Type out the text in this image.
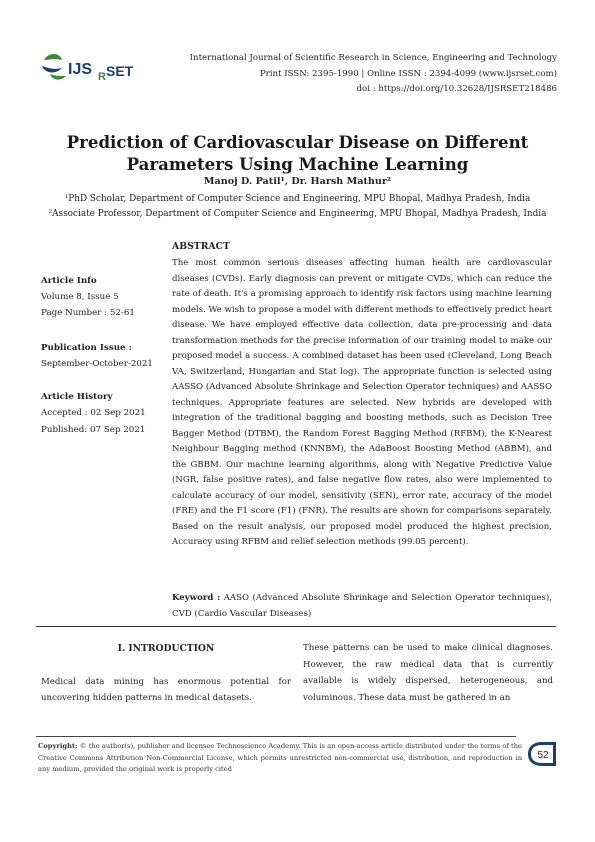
IJS R SET
International Journal of Scientific Research in Science, Engineering and Technology
Print ISSN: 2395-1990 | Online ISSN : 2394-4099 (www.ijsrset.com)
doi : https://doi.org/10.32628/IJSRSET218486
Prediction of Cardiovascular Disease on Different Parameters Using Machine Learning
Manoj D. Patil¹, Dr. Harsh Mathur²
¹PhD Scholar, Department of Computer Science and Engineering, MPU Bhopal, Madhya Pradesh, India
²Associate Professor, Department of Computer Science and Engineering, MPU Bhopal, Madhya Pradesh, India
ABSTRACT
Article Info
Volume 8, Issue 5
Page Number : 52-61
Publication Issue :
September-October-2021
Article History
Accepted : 02 Sep 2021
Published: 07 Sep 2021
The most common serious diseases affecting human health are cardiovascular diseases (CVDs). Early diagnosis can prevent or mitigate CVDs, which can reduce the rate of death. It's a promising approach to identify risk factors using machine learning models. We wish to propose a model with different methods to effectively predict heart disease. We have employed effective data collection, data pre-processing and data transformation methods for the precise information of our training model to make our proposed model a success. A combined dataset has been used (Cleveland, Long Beach VA, Switzerland, Hungarian and Stat log). The appropriate function is selected using AASSO (Advanced Absolute Shrinkage and Selection Operator techniques) and AASSO techniques. Appropriate features are selected. New hybrids are developed with integration of the traditional bagging and boosting methods, such as Decision Tree Bagger Method (DTBM), the Random Forest Bagging Method (RFBM), the K-Nearest Neighbour Bagging method (KNNBM), the AdaBoost Boosting Method (ABBM), and the GBBM. Our machine learning algorithms, along with Negative Predictive Value (NGR, false positive rates), and false negative flow rates, also were implemented to calculate accuracy of our model, sensitivity (SEN), error rate, accuracy of the model (FRE) and the F1 score (F1) (FNR). The results are shown for comparisons separately. Based on the result analysis, our proposed model produced the highest precision, Accuracy using RFBM and relief selection methods (99.05 percent).
Keyword : AASO (Advanced Absolute Shrinkage and Selection Operator techniques), CVD (Cardio Vascular Diseases)
I. INTRODUCTION
Medical data mining has enormous potential for uncovering hidden patterns in medical datasets.
These patterns can be used to make clinical diagnoses. However, the raw medical data that is currently available is widely dispersed, heterogeneous, and voluminous. These data must be gathered in an
Copyright: © the author(s), publisher and licensee Technoscience Academy. This is an open-access article distributed under the terms of the Creative Commons Attribution Non-Commercial License, which permits unrestricted non-commercial use, distribution, and reproduction in any medium, provided the original work is properly cited
52
